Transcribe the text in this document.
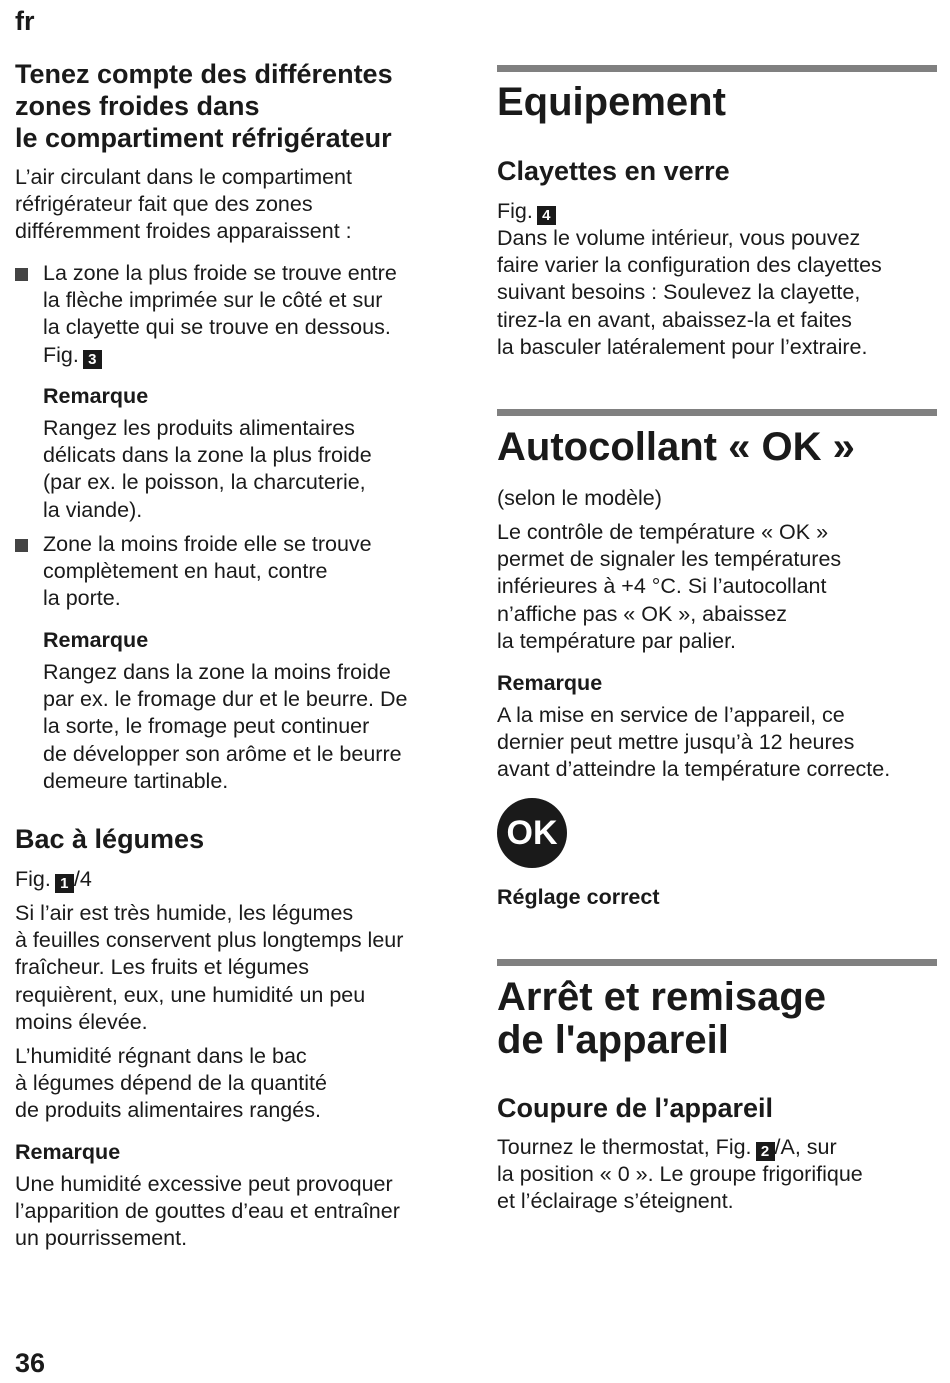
fr
Tenez compte des différentes
zones froides dans
le compartiment réfrigérateur
L’air circulant dans le compartiment
réfrigérateur fait que des zones
différemment froides apparaissent :
La zone la plus froide se trouve entre
la flèche imprimée sur le côté et sur
la clayette qui se trouve en dessous.
Fig. 3
Remarque
Rangez les produits alimentaires
délicats dans la zone la plus froide
(par ex. le poisson, la charcuterie,
la viande).
Zone la moins froide elle se trouve
complètement en haut, contre
la porte.
Remarque
Rangez dans la zone la moins froide
par ex. le fromage dur et le beurre. De
la sorte, le fromage peut continuer
de développer son arôme et le beurre
demeure tartinable.
Bac à légumes
Fig. 1 /4
Si l’air est très humide, les légumes
à feuilles conservent plus longtemps leur
fraîcheur. Les fruits et légumes
requièrent, eux, une humidité un peu
moins élevée.
L’humidité régnant dans le bac
à légumes dépend de la quantité
de produits alimentaires rangés.
Remarque
Une humidité excessive peut provoquer
l’apparition de gouttes d’eau et entraîner
un pourrissement.
Equipement
Clayettes en verre
Fig. 4
Dans le volume intérieur, vous pouvez
faire varier la configuration des clayettes
suivant besoins : Soulevez la clayette,
tirez-la en avant, abaissez-la et faites
la basculer latéralement pour l’extraire.
Autocollant « OK »
(selon le modèle)
Le contrôle de température « OK »
permet de signaler les températures
inférieures à +4 °C. Si l’autocollant
n’affiche pas « OK », abaissez
la température par palier.
Remarque
A la mise en service de l’appareil, ce
dernier peut mettre jusqu’à 12 heures
avant d’atteindre la température correcte.
OK
Réglage correct
Arrêt et remisage
de l'appareil
Coupure de l’appareil
Tournez le thermostat, Fig. 2 /A, sur
la position « 0 ». Le groupe frigorifique
et l’éclairage s’éteignent.
36
